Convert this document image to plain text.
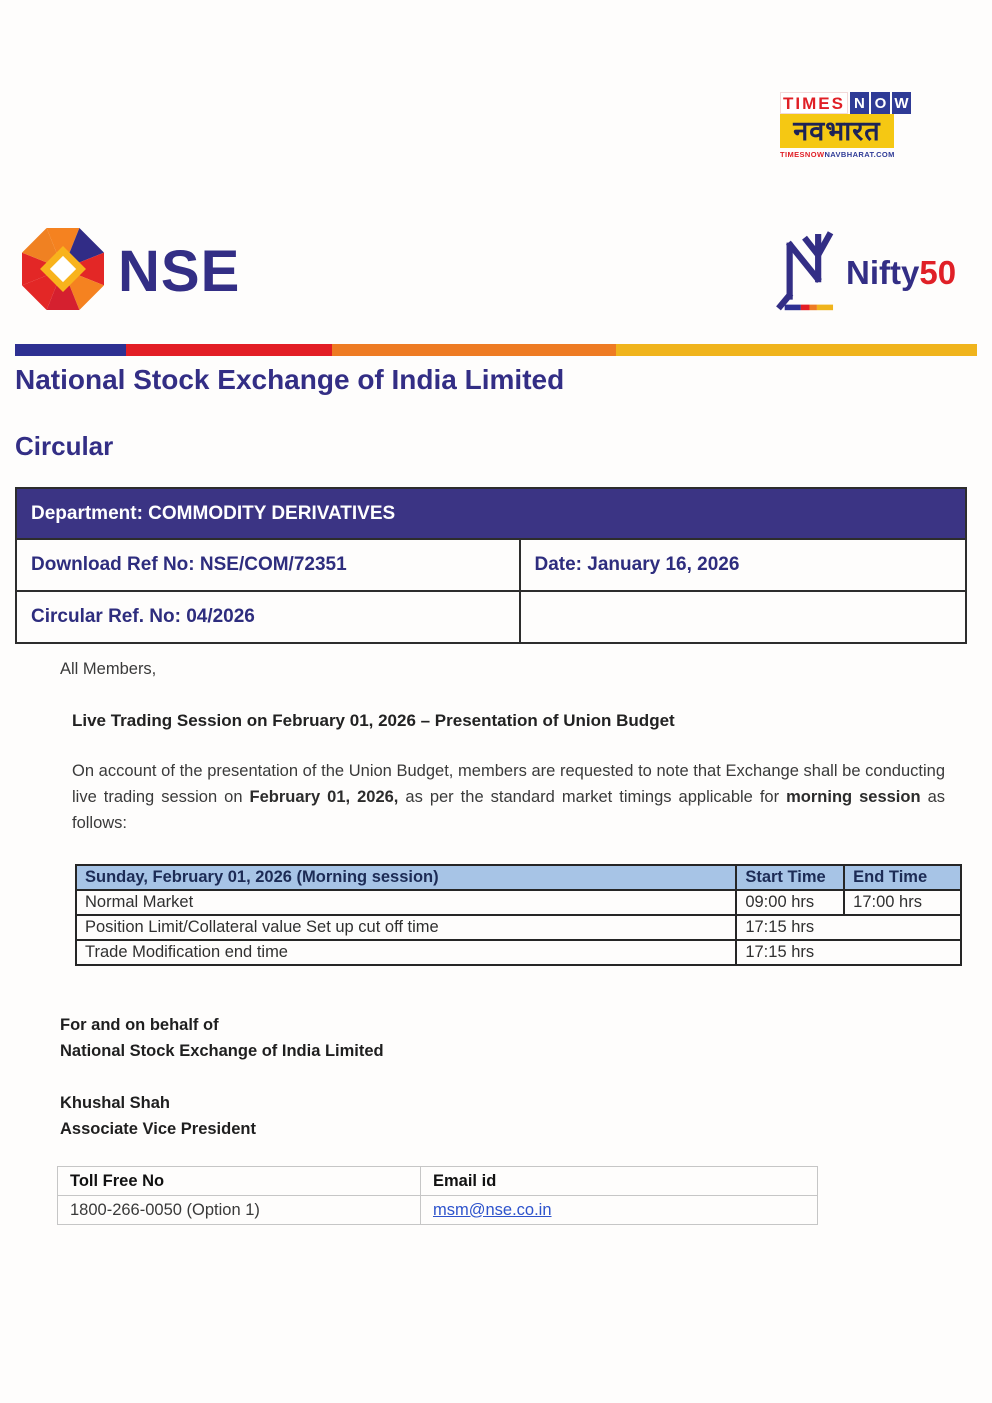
TIMES N O W
नवभारत
TIMESNOWNAVBHARAT.COM
NSE	Nifty50
National Stock Exchange of India Limited
Circular
Department: COMMODITY DERIVATIVES	
Download Ref No: NSE/COM/72351	Date: January 16, 2026
Circular Ref. No: 04/2026	
All Members,
Live Trading Session on February 01, 2026 – Presentation of Union Budget
On account of the presentation of the Union Budget, members are requested to note that Exchange shall be conducting live trading session on February 01, 2026, as per the standard market timings applicable for morning session as follows:
Sunday, February 01, 2026 (Morning session)	Start Time	End Time
Normal Market	09:00 hrs	17:00 hrs
Position Limit/Collateral value Set up cut off time	17:15 hrs	
Trade Modification end time	17:15 hrs	
For and on behalf of
National Stock Exchange of India Limited
Khushal Shah
Associate Vice President
Toll Free No	Email id
1800-266-0050 (Option 1)	msm@nse.co.in
